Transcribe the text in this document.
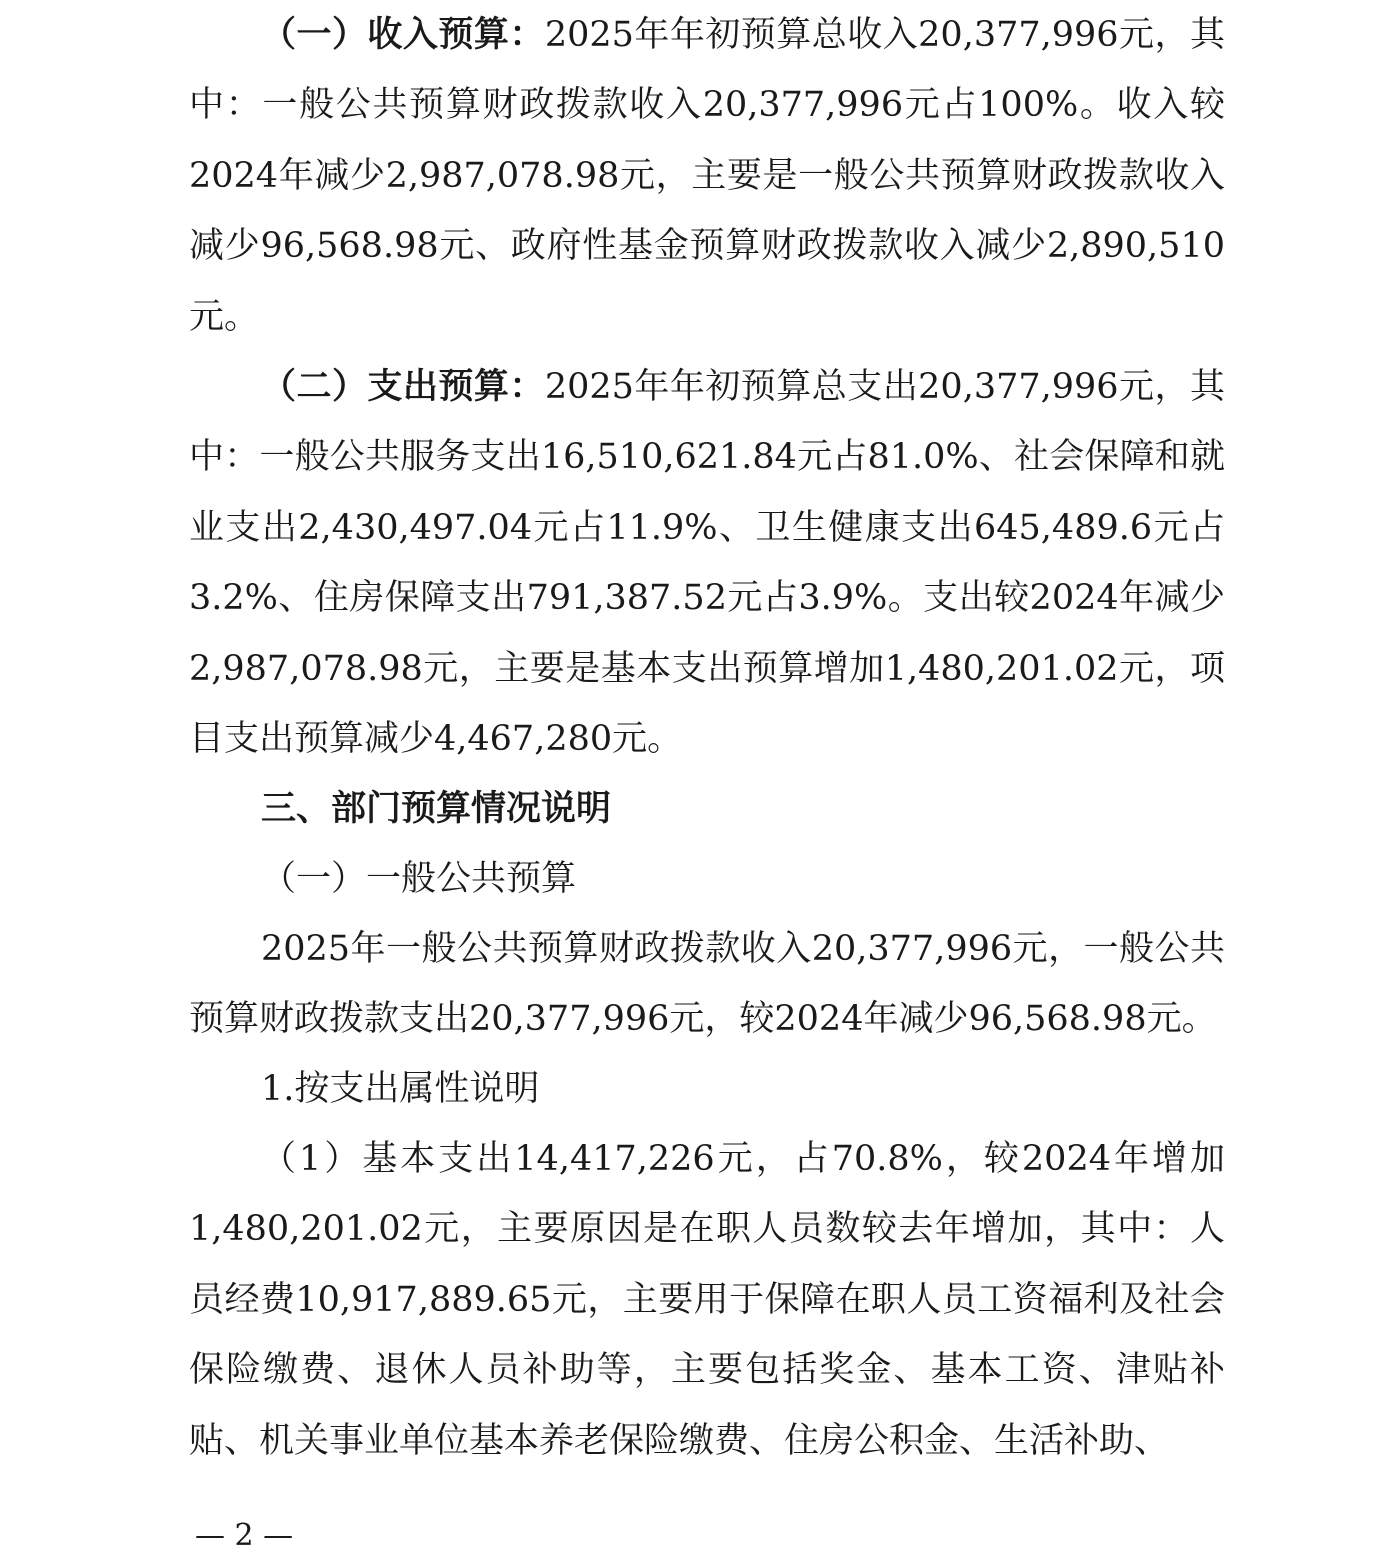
（一）收入预算：2025年年初预算总收入20,377,996元，其中：一般公共预算财政拨款收入20,377,996元占100%。收入较2024年减少2,987,078.98元，主要是一般公共预算财政拨款收入减少96,568.98元、政府性基金预算财政拨款收入减少2,890,510元。

（二）支出预算：2025年年初预算总支出20,377,996元，其中：一般公共服务支出16,510,621.84元占81.0%、社会保障和就业支出2,430,497.04元占11.9%、卫生健康支出645,489.6元占3.2%、住房保障支出791,387.52元占3.9%。支出较2024年减少2,987,078.98元，主要是基本支出预算增加1,480,201.02元，项目支出预算减少4,467,280元。

三、部门预算情况说明

（一）一般公共预算

2025年一般公共预算财政拨款收入20,377,996元，一般公共预算财政拨款支出20,377,996元，较2024年减少96,568.98元。

1.按支出属性说明

（1）基本支出14,417,226元，占70.8%，较2024年增加1,480,201.02元，主要原因是在职人员数较去年增加，其中：人员经费10,917,889.65元，主要用于保障在职人员工资福利及社会保险缴费、退休人员补助等，主要包括奖金、基本工资、津贴补贴、机关事业单位基本养老保险缴费、住房公积金、生活补助、

— 2 —
